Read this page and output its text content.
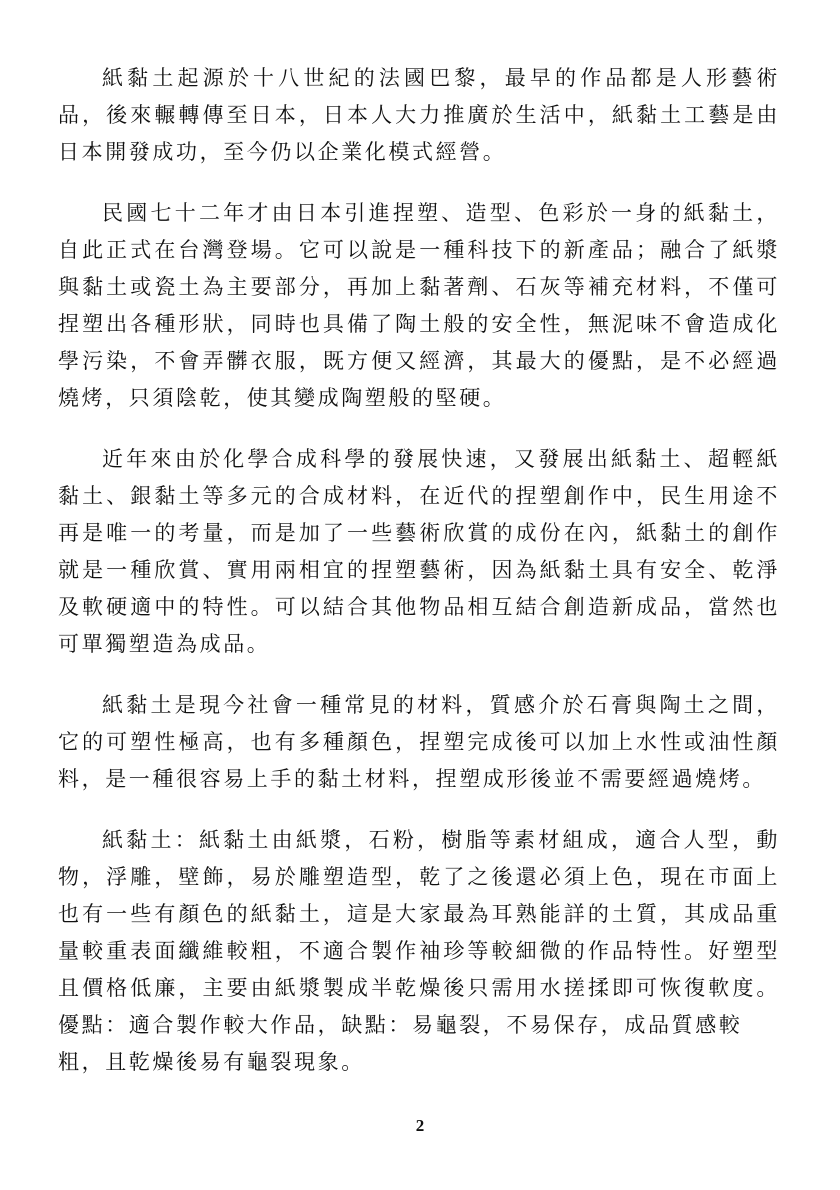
紙黏土起源於十八世紀的法國巴黎，最早的作品都是人形藝術
品，後來輾轉傳至日本，日本人大力推廣於生活中，紙黏土工藝是由
日本開發成功，至今仍以企業化模式經營。

民國七十二年才由日本引進捏塑、造型、色彩於一身的紙黏土，
自此正式在台灣登場。它可以說是一種科技下的新產品；融合了紙漿
與黏土或瓷土為主要部分，再加上黏著劑、石灰等補充材料，不僅可
捏塑出各種形狀，同時也具備了陶土般的安全性，無泥味不會造成化
學污染，不會弄髒衣服，既方便又經濟，其最大的優點，是不必經過
燒烤，只須陰乾，使其變成陶塑般的堅硬。

近年來由於化學合成科學的發展快速，又發展出紙黏土、超輕紙
黏土、銀黏土等多元的合成材料，在近代的捏塑創作中，民生用途不
再是唯一的考量，而是加了一些藝術欣賞的成份在內，紙黏土的創作
就是一種欣賞、實用兩相宜的捏塑藝術，因為紙黏土具有安全、乾淨
及軟硬適中的特性。可以結合其他物品相互結合創造新成品，當然也
可單獨塑造為成品。

紙黏土是現今社會一種常見的材料，質感介於石膏與陶土之間，
它的可塑性極高，也有多種顏色，捏塑完成後可以加上水性或油性顏
料，是一種很容易上手的黏土材料，捏塑成形後並不需要經過燒烤。

紙黏土：紙黏土由紙漿，石粉，樹脂等素材組成，適合人型，動
物，浮雕，壁飾，易於雕塑造型，乾了之後還必須上色，現在市面上
也有一些有顏色的紙黏土，這是大家最為耳熟能詳的土質，其成品重
量較重表面纖維較粗，不適合製作袖珍等較細微的作品特性。好塑型
且價格低廉，主要由紙漿製成半乾燥後只需用水搓揉即可恢復軟度。
優點：適合製作較大作品，缺點：易龜裂，不易保存，成品質感較
粗，且乾燥後易有龜裂現象。

2
